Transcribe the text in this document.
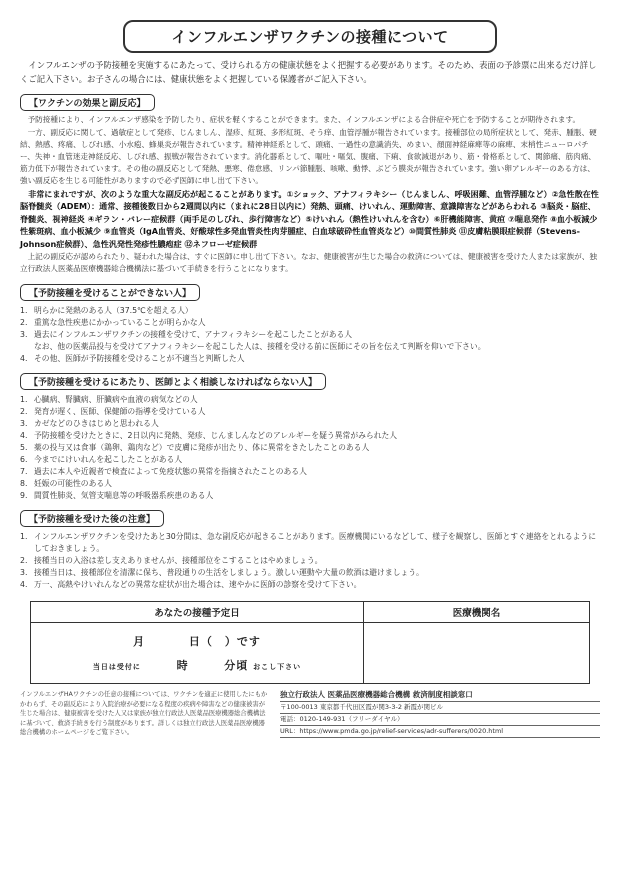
インフルエンザワクチンの接種について
インフルエンザの予防接種を実施するにあたって、受けられる方の健康状態をよく把握する必要があります。そのため、表面の予診票に出来るだけ詳しくご記入下さい。お子さんの場合には、健康状態をよく把握している保護者がご記入下さい。
【ワクチンの効果と副反応】
予防接種により、インフルエンザ感染を予防したり、症状を軽くすることができます。また、インフルエンザによる合併症や死亡を予防することが期待されます。
一方、副反応に関して、過敏症として発疹、じんましん、湿疹、紅斑、多形紅斑、そう痒、血管浮腫が報告されています。接種部位の局所症状として、発赤、腫脹、硬結、熱感、疼痛、しびれ感、小水疱、蜂巣炎が報告されています。精神神経系として、頭痛、一過性の意識消失、めまい、顔面神経麻痺等の麻痺、末梢性ニューロパチー、失神・血管迷走神経反応、しびれ感、振戦が報告されています。消化器系として、嘔吐・嘔気、腹痛、下痢、食欲減退があり、筋・骨格系として、関節痛、筋肉痛、筋力低下が報告されています。その他の副反応として発熱、悪寒、倦怠感、リンパ節腫脹、咳嗽、動悸、ぶどう膜炎が報告されています。強い卵アレルギーのある方は、強い副反応を生じる可能性がありますので必ず医師に申し出て下さい。
非常にまれですが、次のような重大な副反応が起こることがあります。①ショック、アナフィラキシー（じんましん、呼吸困難、血管浮腫など）②急性散在性脳脊髄炎（ADEM）：通常、接種後数日から2週間以内に（まれに28日以内に）発熱、頭痛、けいれん、運動障害、意識障害などがあらわれる ③脳炎・脳症、脊髄炎、視神経炎 ④ギラン・バレー症候群（両手足のしびれ、歩行障害など）⑤けいれん（熱性けいれんを含む）⑥肝機能障害、黄疸 ⑦喘息発作 ⑧血小板減少性紫斑病、血小板減少 ⑨血管炎（IgA血管炎、好酸球性多発血管炎性肉芽腫症、白血球破砕性血管炎など）⑩間質性肺炎 ⑪皮膚粘膜眼症候群（Stevens-Johnson症候群）、急性汎発性発疹性膿疱症 ⑫ネフローゼ症候群
上記の副反応が認められたり、疑われた場合は、すぐに医師に申し出て下さい。なお、健康被害が生じた場合の救済については、健康被害を受けた人または家族が、独立行政法人医薬品医療機器総合機構法に基づいて手続きを行うことになります。
【予防接種を受けることができない人】
1. 明らかに発熱のある人（37.5℃を超える人）
2. 重篤な急性疾患にかかっていることが明らかな人
3. 過去にインフルエンザワクチンの接種を受けて、アナフィラキシーを起こしたことがある人
なお、他の医薬品投与を受けてアナフィラキシーを起こした人は、接種を受ける前に医師にその旨を伝えて判断を仰いで下さい。
4. その他、医師が予防接種を受けることが不適当と判断した人
【予防接種を受けるにあたり、医師とよく相談しなければならない人】
1. 心臓病、腎臓病、肝臓病や血液の病気などの人
2. 発育が遅く、医師、保健師の指導を受けている人
3. カゼなどのひきはじめと思われる人
4. 予防接種を受けたときに、2日以内に発熱、発疹、じんましんなどのアレルギーを疑う異常がみられた人
5. 薬の投与又は食事（鶏卵、鶏肉など）で皮膚に発疹が出たり、体に異常をきたしたことのある人
6. 今までにけいれんを起こしたことがある人
7. 過去に本人や近親者で検査によって免疫状態の異常を指摘されたことのある人
8. 妊娠の可能性のある人
9. 間質性肺炎、気管支喘息等の呼吸器系疾患のある人
【予防接種を受けた後の注意】
1. インフルエンザワクチンを受けたあと30分間は、急な副反応が起きることがあります。医療機関にいるなどして、様子を観察し、医師とすぐ連絡をとれるようにしておきましょう。
2. 接種当日の入浴は差し支えありませんが、接種部位をこすることはやめましょう。
3. 接種当日は、接種部位を清潔に保ち、普段通りの生活をしましょう。激しい運動や大量の飲酒は避けましょう。
4. 万一、高熱やけいれんなどの異常な症状が出た場合は、速やかに医師の診察を受けて下さい。
あなたの接種予定日	医療機関名

月 日（　）です
当日は受付に 時 分頃 おこし下さい	

インフルエンザHAワクチンの任意の接種については、ワクチンを適正に使用したにもかかわらず、その副反応により入院治療が必要になる程度の疾病や障害などの健康被害が生じた場合は、健康被害を受けた人又は家族が独立行政法人医薬品医療機器総合機構法に基づいて、救済手続きを行う制度があります。詳しくは独立行政法人医薬品医療機器総合機構のホームページをご覧下さい。
独立行政法人 医薬品医療機器総合機構 救済制度相談窓口
〒100-0013 東京都千代田区霞が関3-3-2 新霞が関ビル
電話：0120-149-931（フリーダイヤル）
URL：https://www.pmda.go.jp/relief-services/adr-sufferers/0020.html
